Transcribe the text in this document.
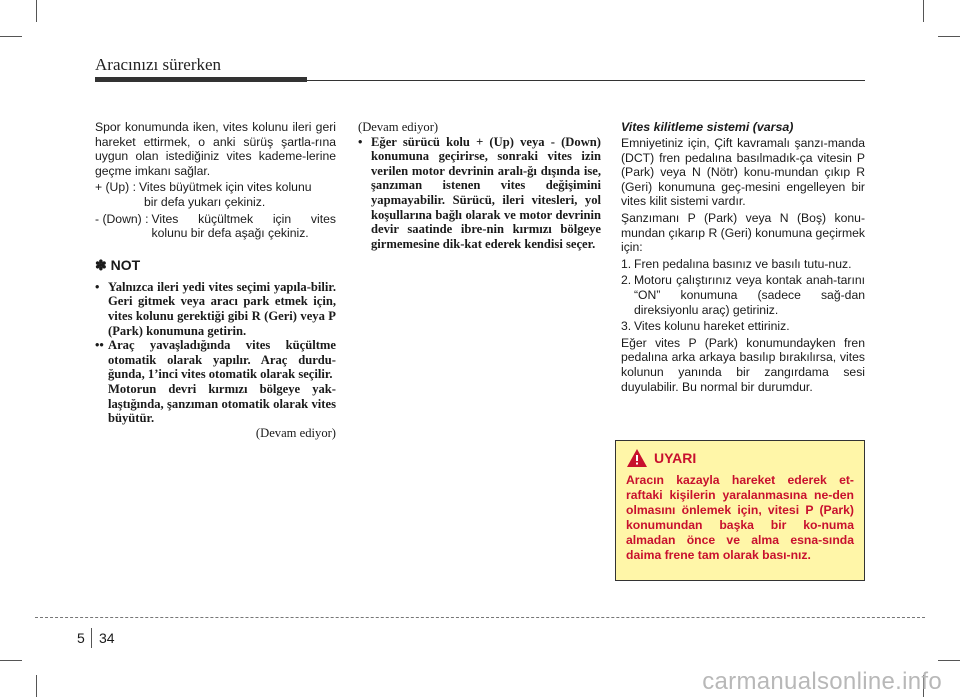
Aracınızı sürerken

Spor konumunda iken, vites kolunu ileri geri hareket ettirmek, o anki sürüş şartla-rına uygun olan istediğiniz vites kademe-lerine geçme imkanı sağlar.

+ (Up) : Vites büyütmek için vites kolunu
bir defa yukarı çekiniz.
- (Down) : Vites küçültmek için vites
kolunu bir defa aşağı çekiniz.
✽ NOT
• Yalnızca ileri yedi vites seçimi yapıla-bilir. Geri gitmek veya aracı park etmek için, vites kolunu gerektiği gibi R (Geri) veya P (Park) konumuna getirin.
•• Araç yavaşladığında vites küçültme otomatik olarak yapılır. Araç durdu-ğunda, 1’inci vites otomatik olarak seçilir.
Motorun devri kırmızı bölgeye yak-laştığında, şanzıman otomatik olarak vites büyütür.

(Devam ediyor)

(Devam ediyor)

• Eğer sürücü kolu + (Up) veya - (Down) konumuna geçirirse, sonraki vites izin verilen motor devrinin aralı-ğı dışında ise, şanzıman istenen vites değişimini yapmayabilir. Sürücü, ileri vitesleri, yol koşullarına bağlı olarak ve motor devrinin devir saatinde ibre-nin kırmızı bölgeye girmemesine dik-kat ederek kendisi seçer.
Vites kilitleme sistemi (varsa)

Emniyetiniz için, Çift kavramalı şanzı-manda (DCT) fren pedalına basılmadık-ça vitesin P (Park) veya N (Nötr) konu-mundan çıkıp R (Geri) konumuna geç-mesini engelleyen bir vites kilit sistemi vardır.

Şanzımanı P (Park) veya N (Boş) konu-mundan çıkarıp R (Geri) konumuna geçirmek için:

1. Fren pedalına basınız ve basılı tutu-nuz.
2. Motoru çalıştırınız veya kontak anah-tarını “ON” konumuna (sadece sağ-dan direksiyonlu araç) getiriniz.
3. Vites kolunu hareket ettiriniz.

Eğer vites P (Park) konumundayken fren pedalına arka arkaya basılıp bırakılırsa, vites kolunun yanında bir zangırdama sesi duyulabilir. Bu normal bir durumdur.

UYARI

Aracın kazayla hareket ederek et-raftaki kişilerin yaralanmasına ne-den olmasını önlemek için, vitesi P (Park) konumundan başka bir ko-numa almadan önce ve alma esna-sında daima frene tam olarak bası-nız.

5 34
carmanualsonline.info
